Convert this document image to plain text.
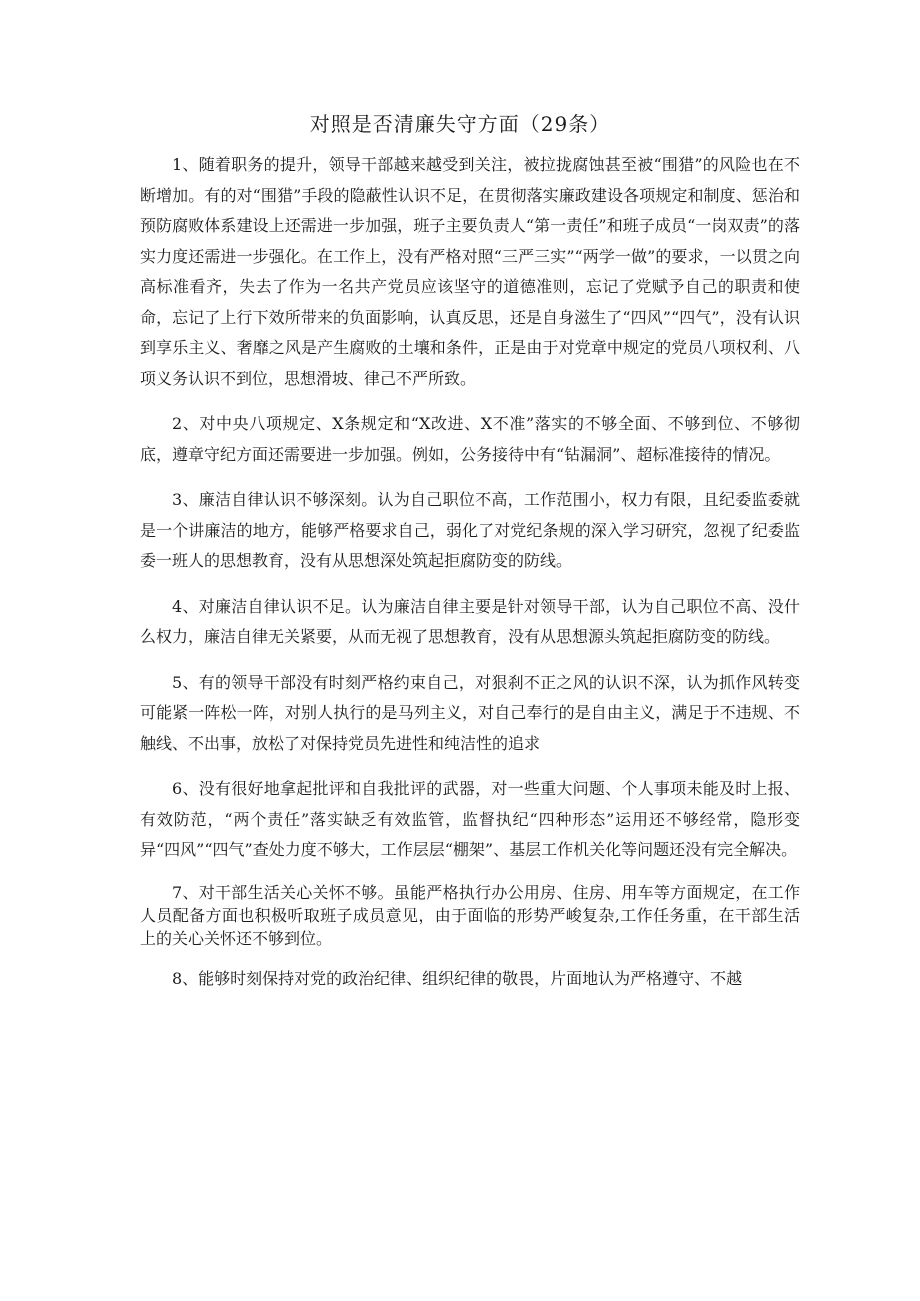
对照是否清廉失守方面（29条）

1、随着职务的提升，领导干部越来越受到关注，被拉拢腐蚀甚至被“围猎”的风险也在不断增加。有的对“围猎”手段的隐蔽性认识不足，在贯彻落实廉政建设各项规定和制度、惩治和预防腐败体系建设上还需进一步加强，班子主要负责人“第一责任”和班子成员“一岗双责”的落实力度还需进一步强化。在工作上，没有严格对照“三严三实”“两学一做”的要求，一以贯之向高标准看齐，失去了作为一名共产党员应该坚守的道德准则，忘记了党赋予自己的职责和使命，忘记了上行下效所带来的负面影响，认真反思，还是自身滋生了“四风”“四气”，没有认识到享乐主义、奢靡之风是产生腐败的土壤和条件，正是由于对党章中规定的党员八项权利、八项义务认识不到位，思想滑坡、律己不严所致。

2、对中央八项规定、X条规定和“X改进、X不准”落实的不够全面、不够到位、不够彻底，遵章守纪方面还需要进一步加强。例如，公务接待中有“钻漏洞”、超标准接待的情况。

3、廉洁自律认识不够深刻。认为自己职位不高，工作范围小，权力有限，且纪委监委就是一个讲廉洁的地方，能够严格要求自己，弱化了对党纪条规的深入学习研究，忽视了纪委监委一班人的思想教育，没有从思想深处筑起拒腐防变的防线。

4、对廉洁自律认识不足。认为廉洁自律主要是针对领导干部，认为自己职位不高、没什么权力，廉洁自律无关紧要，从而无视了思想教育，没有从思想源头筑起拒腐防变的防线。

5、有的领导干部没有时刻严格约束自己，对狠刹不正之风的认识不深，认为抓作风转变可能紧一阵松一阵，对别人执行的是马列主义，对自己奉行的是自由主义，满足于不违规、不触线、不出事，放松了对保持党员先进性和纯洁性的追求

6、没有很好地拿起批评和自我批评的武器，对一些重大问题、个人事项未能及时上报、有效防范，“两个责任”落实缺乏有效监管，监督执纪“四种形态”运用还不够经常，隐形变异“四风”“四气”查处力度不够大，工作层层“棚架”、基层工作机关化等问题还没有完全解决。

7、对干部生活关心关怀不够。虽能严格执行办公用房、住房、用车等方面规定，在工作人员配备方面也积极听取班子成员意见，由于面临的形势严峻复杂,工作任务重，在干部生活上的关心关怀还不够到位。

8、能够时刻保持对党的政治纪律、组织纪律的敬畏，片面地认为严格遵守、不越
